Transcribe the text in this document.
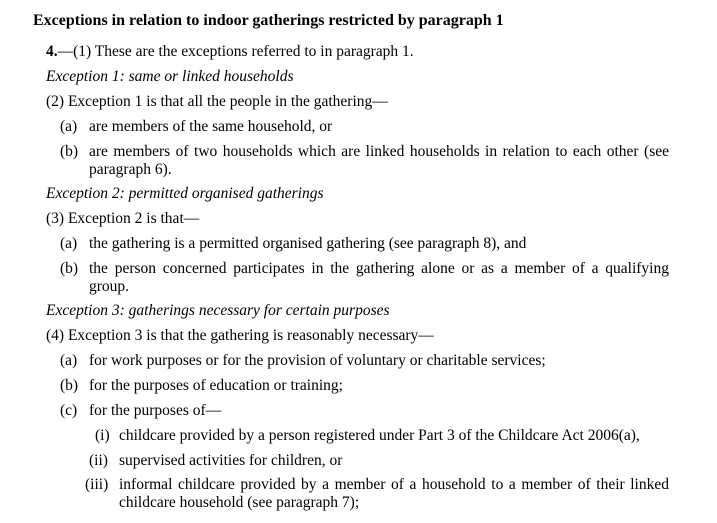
Exceptions in relation to indoor gatherings restricted by paragraph 1
4.—(1) These are the exceptions referred to in paragraph 1.
Exception 1: same or linked households
(2) Exception 1 is that all the people in the gathering—
(a) are members of the same household, or
(b) are members of two households which are linked households in relation to each other (see paragraph 6).
Exception 2: permitted organised gatherings
(3) Exception 2 is that—
(a) the gathering is a permitted organised gathering (see paragraph 8), and
(b) the person concerned participates in the gathering alone or as a member of a qualifying group.
Exception 3: gatherings necessary for certain purposes
(4) Exception 3 is that the gathering is reasonably necessary—
(a) for work purposes or for the provision of voluntary or charitable services;
(b) for the purposes of education or training;
(c) for the purposes of—
(i) childcare provided by a person registered under Part 3 of the Childcare Act 2006(a),
(ii) supervised activities for children, or
(iii) informal childcare provided by a member of a household to a member of their linked childcare household (see paragraph 7);
